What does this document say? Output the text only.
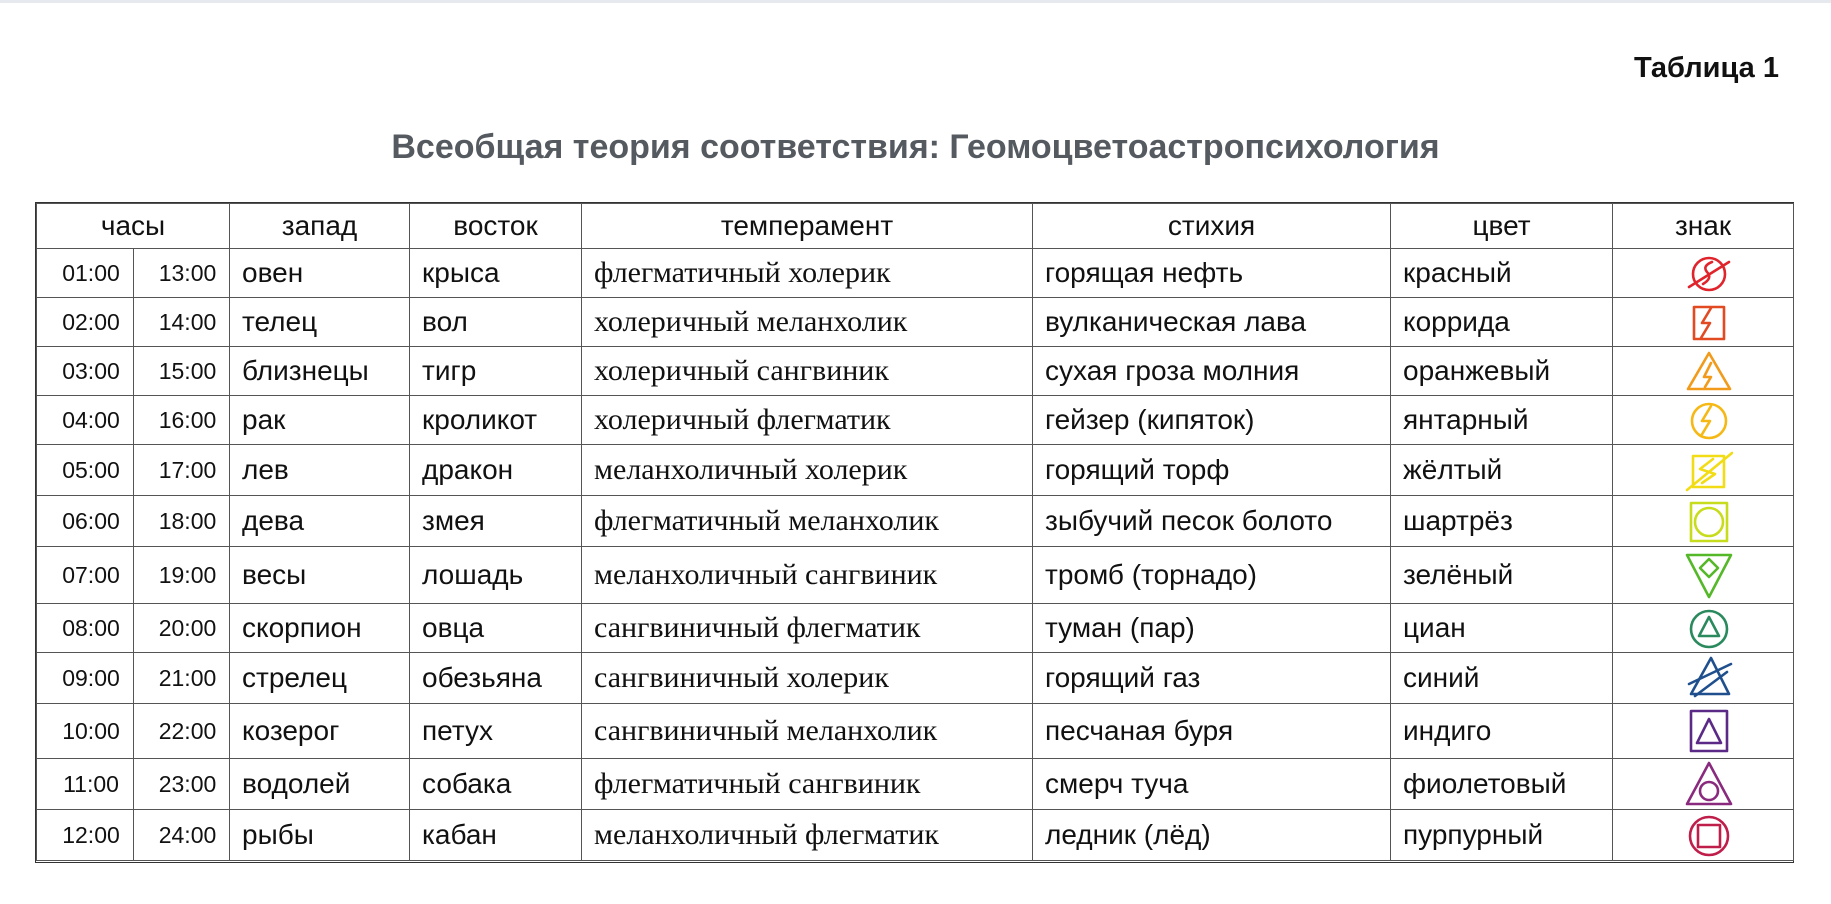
Таблица 1
Всеобщая теория соответствия: Геомоцветоастропсихология
часы		запад	восток	темперамент	стихия	цвет	знак
01:00	13:00	овен	крыса	флегматичный холерик	горящая нефть	красный	

02:00	14:00	телец	вол	холеричный меланхолик	вулканическая лава	коррида	

03:00	15:00	близнецы	тигр	холеричный сангвиник	сухая гроза молния	оранжевый	

04:00	16:00	рак	кроликот	холеричный флегматик	гейзер (кипяток)	янтарный	

05:00	17:00	лев	дракон	меланхоличный холерик	горящий торф	жёлтый	

06:00	18:00	дева	змея	флегматичный меланхолик	зыбучий песок болото	шартрёз	

07:00	19:00	весы	лошадь	меланхоличный сангвиник	тромб (торнадо)	зелёный	

08:00	20:00	скорпион	овца	сангвиничный флегматик	туман (пар)	циан	

09:00	21:00	стрелец	обезьяна	сангвиничный холерик	горящий газ	синий	

10:00	22:00	козерог	петух	сангвиничный меланхолик	песчаная буря	индиго	

11:00	23:00	водолей	собака	флегматичный сангвиник	смерч туча	фиолетовый	

12:00	24:00	рыбы	кабан	меланхоличный флегматик	ледник (лёд)	пурпурный	
